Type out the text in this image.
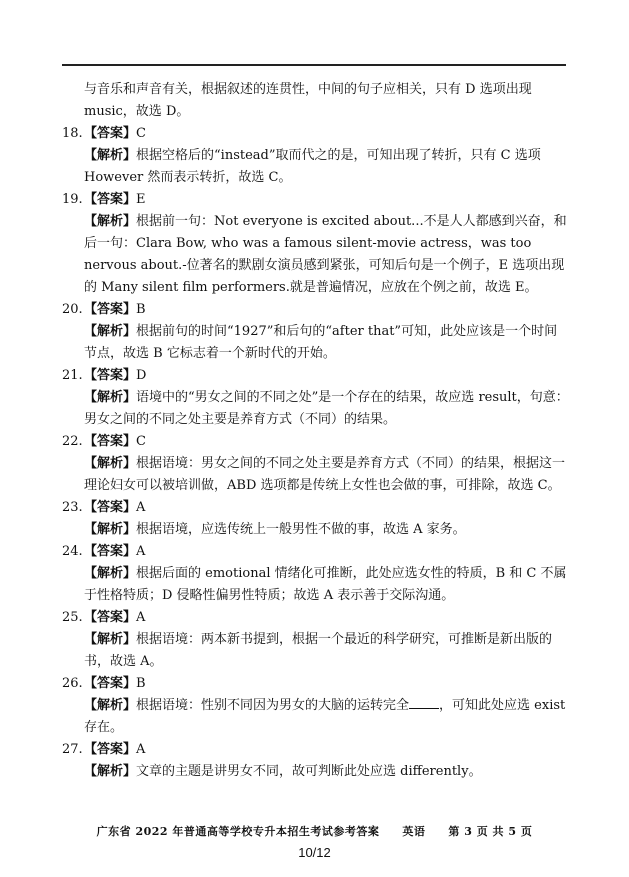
与音乐和声音有关，根据叙述的连贯性，中间的句子应相关，只有 D 选项出现 music，故选 D。

18. 【答案】 C

【解析】根据空格后的“instead”取而代之的是，可知出现了转折，只有 C 选项 However 然而表示转折，故选 C。

19. 【答案】 E

【解析】根据前一句：Not everyone is excited about...不是人人都感到兴奋，和后一句：Clara Bow, who was a famous silent-movie actress，was too nervous about.-位著名的默剧女演员感到紧张，可知后句是一个例子，E 选项出现的 Many silent film performers.就是普遍情况，应放在个例之前，故选 E。

20. 【答案】 B

【解析】根据前句的时间“1927”和后句的“after that”可知，此处应该是一个时间节点，故选 B 它标志着一个新时代的开始。

21. 【答案】 D

【解析】语境中的“男女之间的不同之处”是一个存在的结果，故应选 result，句意：男女之间的不同之处主要是养育方式（不同）的结果。

22. 【答案】 C

【解析】根据语境：男女之间的不同之处主要是养育方式（不同）的结果，根据这一理论妇女可以被培训做，ABD 选项都是传统上女性也会做的事，可排除，故选 C。

23. 【答案】 A

【解析】根据语境，应选传统上一般男性不做的事，故选 A 家务。

24. 【答案】 A

【解析】根据后面的 emotional 情绪化可推断，此处应选女性的特质，B 和 C 不属于性格特质；D 侵略性偏男性特质；故选 A 表示善于交际沟通。

25. 【答案】 A

【解析】根据语境：两本新书提到，根据一个最近的科学研究，可推断是新出版的书，故选 A。

26. 【答案】 B

【解析】根据语境：性别不同因为男女的大脑的运转完全 ，可知此处应选 exist 存在。

27. 【答案】 A

【解析】文章的主题是讲男女不同，故可判断此处应选 differently。

广东省 2022 年普通高等学校专升本招生考试参考答案　　英语　　第 3 页 共 5 页
10/12
